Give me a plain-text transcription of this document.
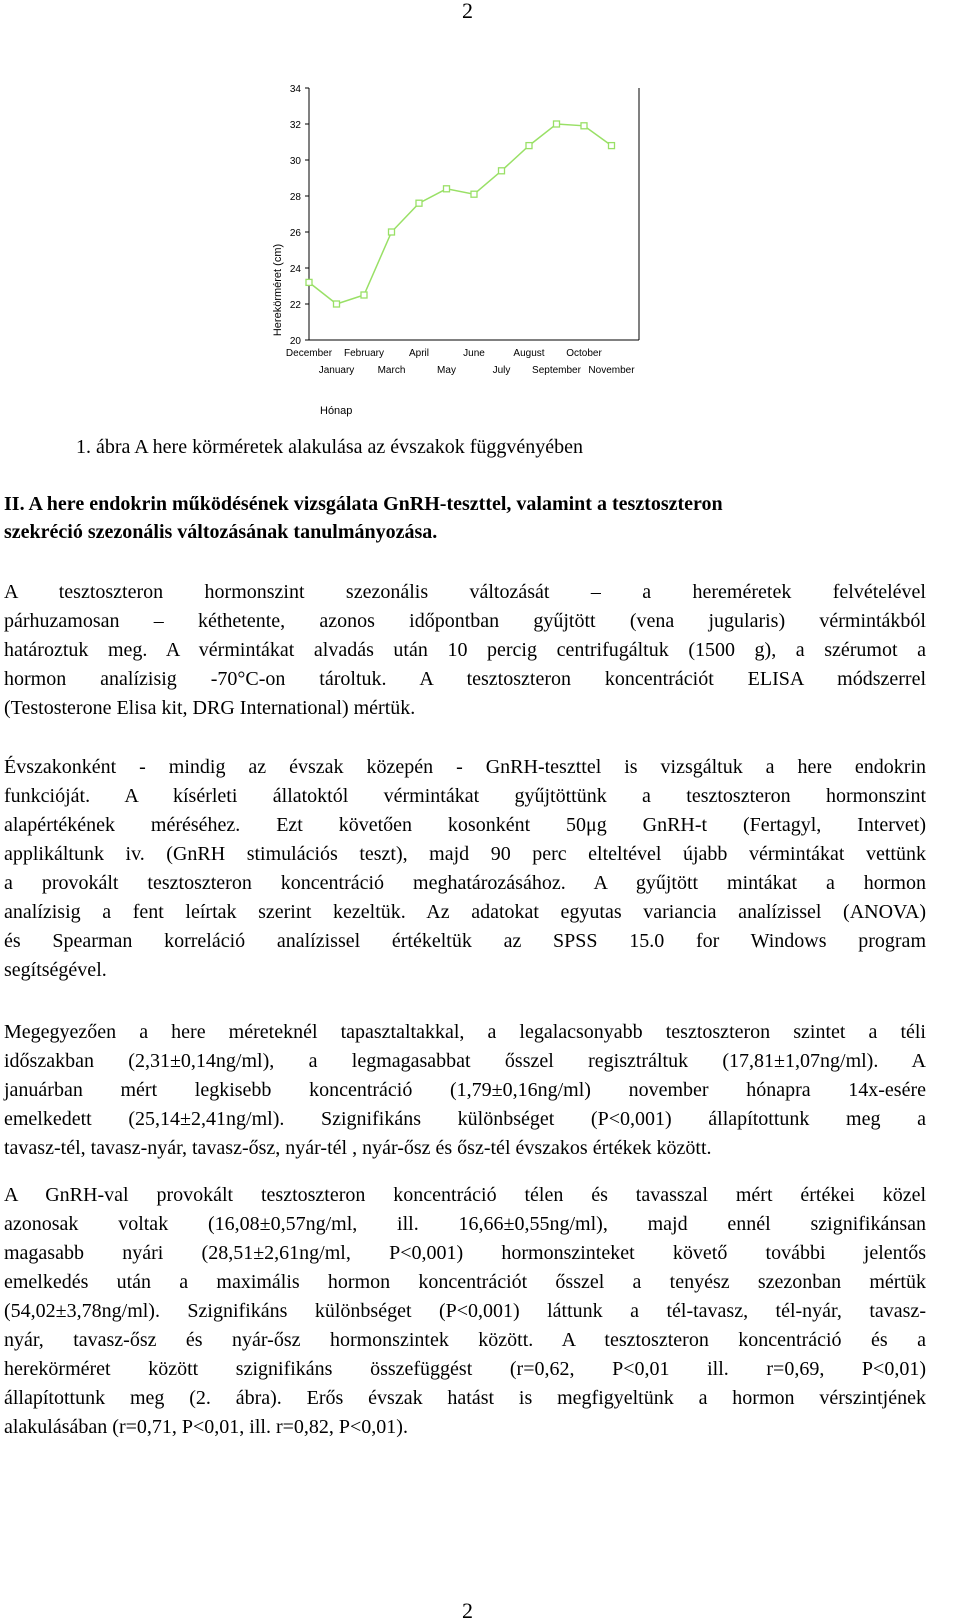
2
20
22
24
26
28
30
32
34
December
January
February
March
April
May
June
July
August
September
October
November
Herekörméret (cm)
Hónap
1. ábra A here körméretek alakulása az évszakok függvényében
II. A here endokrin működésének vizsgálata GnRH-teszttel, valamint a tesztoszteron
szekréció szezonális változásának tanulmányozása.
A tesztoszteron hormonszint szezonális változását – a hereméretek felvételével
párhuzamosan – kéthetente, azonos időpontban gyűjtött (vena jugularis) vérmintákból
határoztuk meg. A vérmintákat alvadás után 10 percig centrifugáltuk (1500 g), a szérumot a
hormon analízisig -70°C-on tároltuk. A tesztoszteron koncentrációt ELISA módszerrel
(Testosterone Elisa kit, DRG International) mértük.
Évszakonként - mindig az évszak közepén - GnRH-teszttel is vizsgáltuk a here endokrin
funkcióját. A kísérleti állatoktól vérmintákat gyűjtöttünk a tesztoszteron hormonszint
alapértékének méréséhez. Ezt követően kosonként 50μg GnRH-t (Fertagyl, Intervet)
applikáltunk iv. (GnRH stimulációs teszt), majd 90 perc elteltével újabb vérmintákat vettünk
a provokált tesztoszteron koncentráció meghatározásához. A gyűjtött mintákat a hormon
analízisig a fent leírtak szerint kezeltük. Az adatokat egyutas variancia analízissel (ANOVA)
és Spearman korreláció analízissel értékeltük az SPSS 15.0 for Windows program
segítségével.
Megegyezően a here méreteknél tapasztaltakkal, a legalacsonyabb tesztoszteron szintet a téli
időszakban (2,31±0,14ng/ml), a legmagasabbat ősszel regisztráltuk (17,81±1,07ng/ml). A
januárban mért legkisebb koncentráció (1,79±0,16ng/ml) november hónapra 14x-esére
emelkedett (25,14±2,41ng/ml). Szignifikáns különbséget (P<0,001) állapítottunk meg a
tavasz-tél, tavasz-nyár, tavasz-ősz, nyár-tél , nyár-ősz és ősz-tél évszakos értékek között.
A GnRH-val provokált tesztoszteron koncentráció télen és tavasszal mért értékei közel
azonosak voltak (16,08±0,57ng/ml, ill. 16,66±0,55ng/ml), majd ennél szignifikánsan
magasabb nyári (28,51±2,61ng/ml, P<0,001) hormonszinteket követő további jelentős
emelkedés után a maximális hormon koncentrációt ősszel a tenyész szezonban mértük
(54,02±3,78ng/ml). Szignifikáns különbséget (P<0,001) láttunk a tél-tavasz, tél-nyár, tavasz-
nyár, tavasz-ősz és nyár-ősz hormonszintek között. A tesztoszteron koncentráció és a
herekörméret között szignifikáns összefüggést (r=0,62, P<0,01 ill. r=0,69, P<0,01)
állapítottunk meg (2. ábra). Erős évszak hatást is megfigyeltünk a hormon vérszintjének
alakulásában (r=0,71, P<0,01, ill. r=0,82, P<0,01).
2
